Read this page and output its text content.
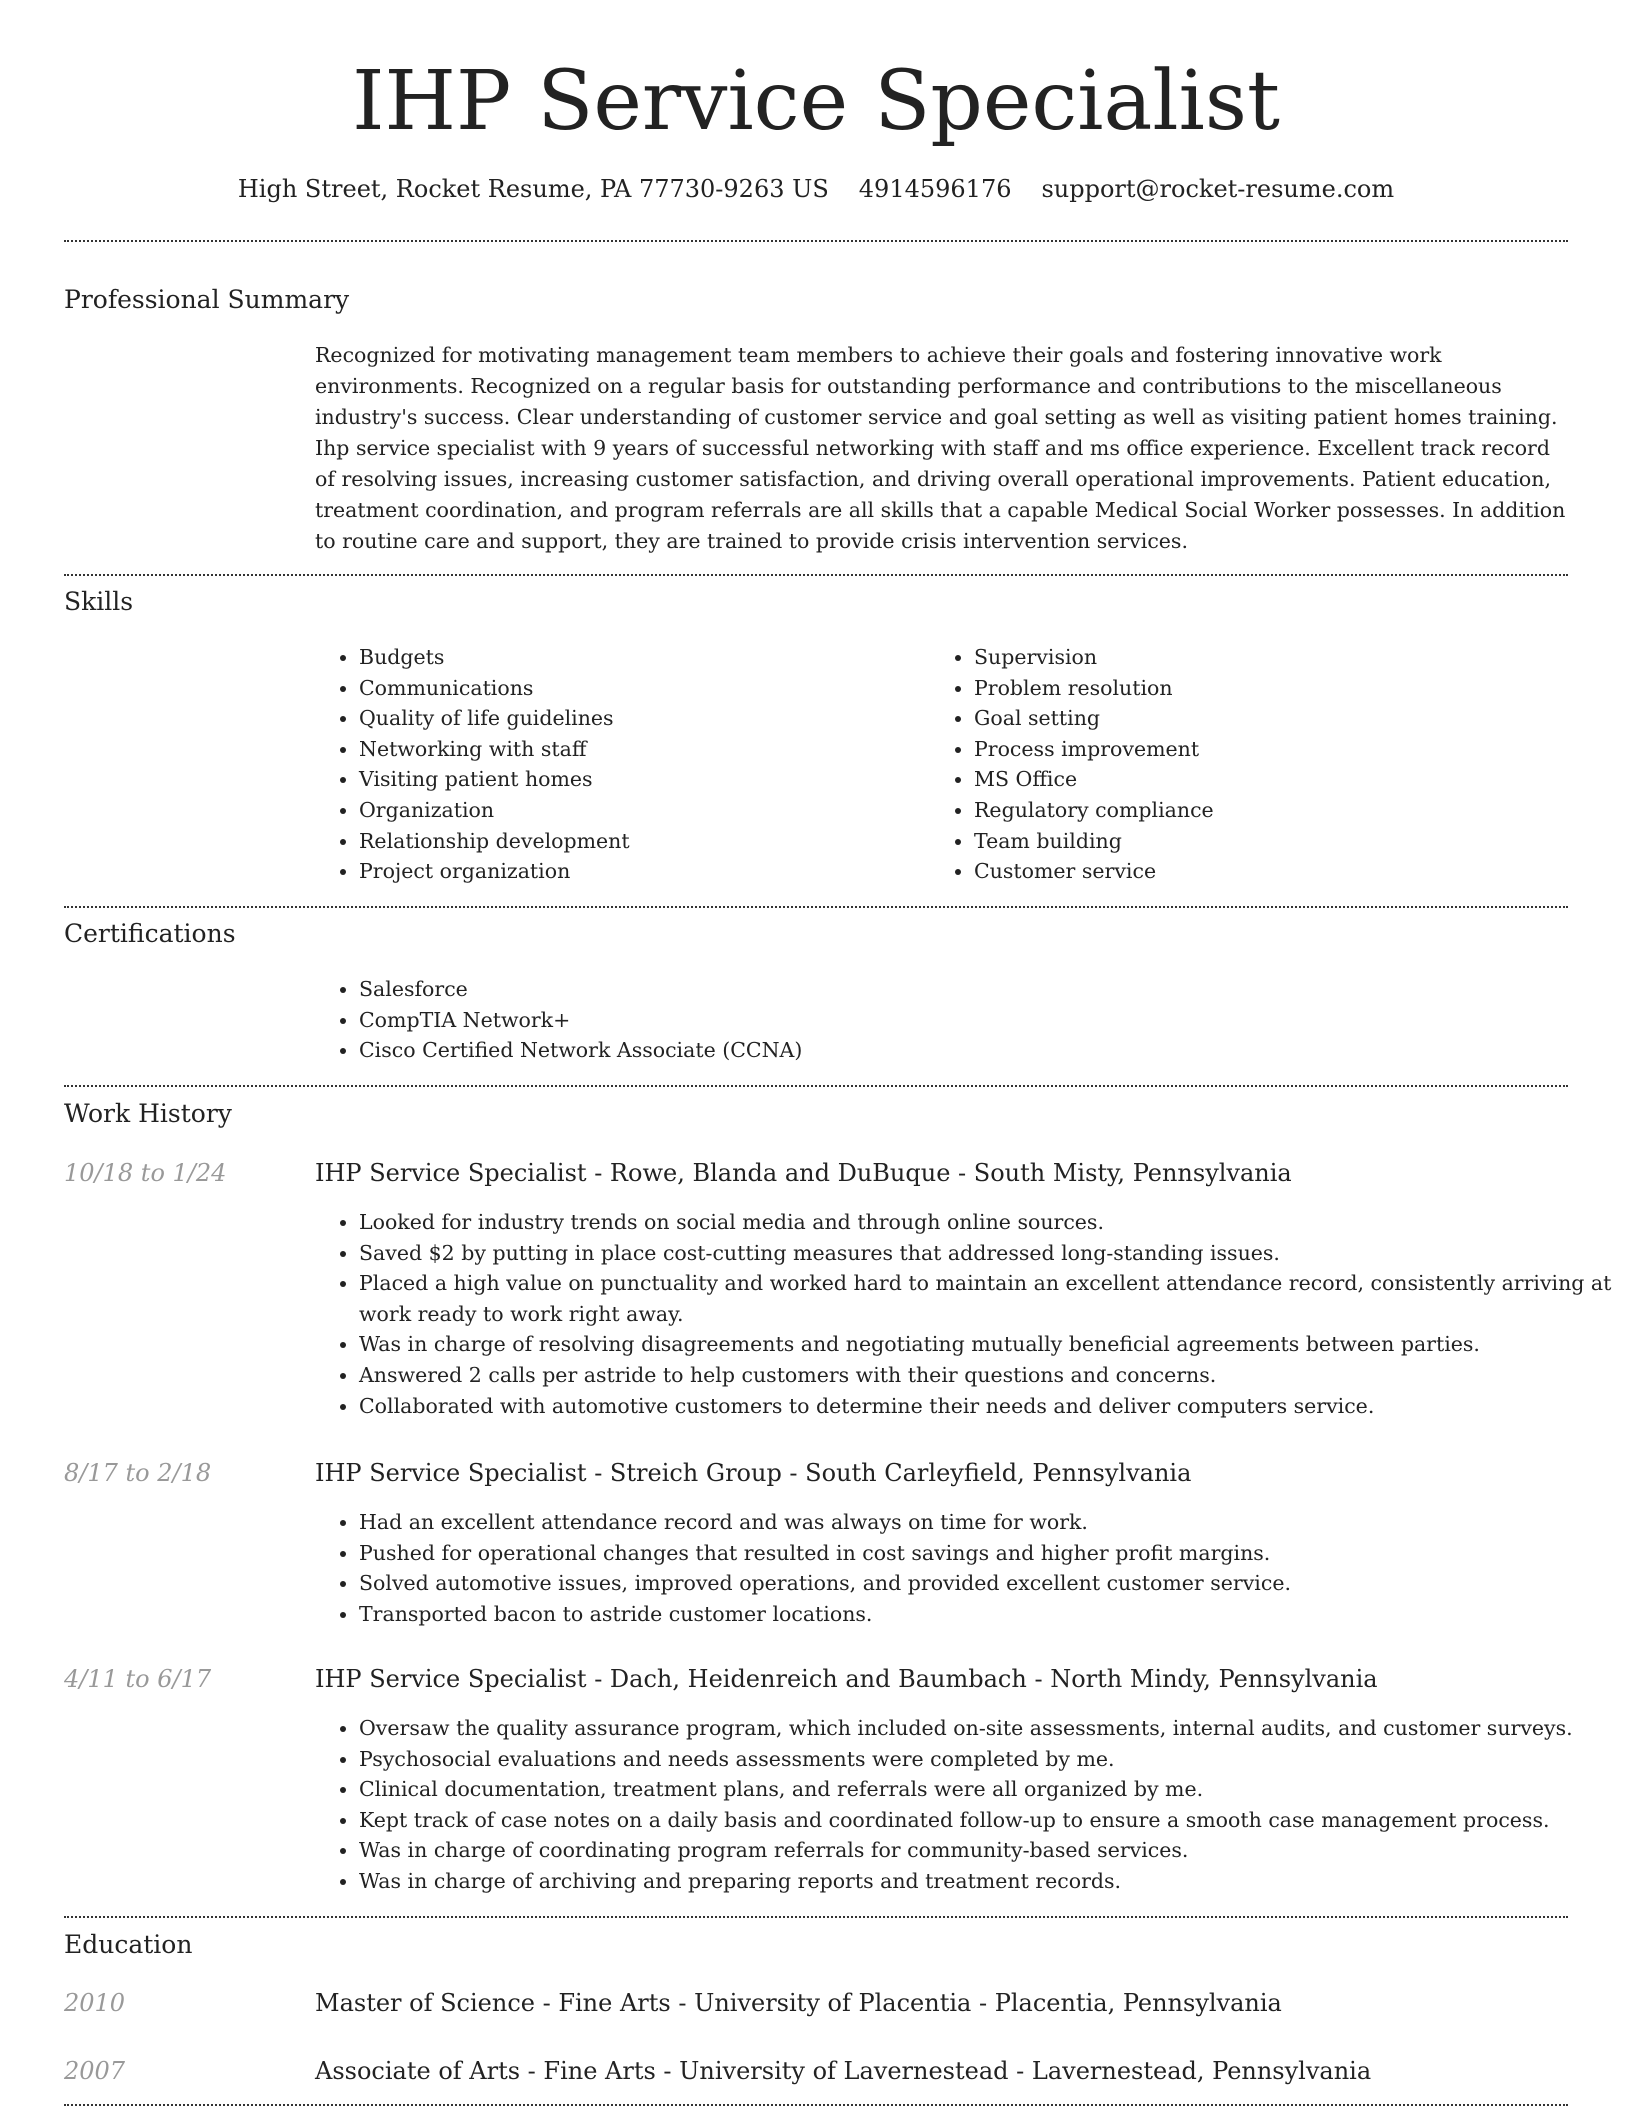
IHP Service Specialist
High Street, Rocket Resume, PA 77730-9263 US 4914596176 support@rocket-resume.com
Professional Summary

Recognized for motivating management team members to achieve their goals and fostering innovative work environments. Recognized on a regular basis for outstanding performance and contributions to the miscellaneous industry's success. Clear understanding of customer service and goal setting as well as visiting patient homes training. Ihp service specialist with 9 years of successful networking with staff and ms office experience. Excellent track record of resolving issues, increasing customer satisfaction, and driving overall operational improvements. Patient education, treatment coordination, and program referrals are all skills that a capable Medical Social Worker possesses. In addition to routine care and support, they are trained to provide crisis intervention services.

Skills
• Budgets
• Communications
• Quality of life guidelines
• Networking with staff
• Visiting patient homes
• Organization
• Relationship development
• Project organization
• Supervision
• Problem resolution
• Goal setting
• Process improvement
• MS Office
• Regulatory compliance
• Team building
• Customer service
Certifications
• Salesforce
• CompTIA Network+
• Cisco Certified Network Associate (CCNA)
Work History
10/18 to 1/24	IHP Service Specialist - Rowe, Blanda and DuBuque - South Misty, Pennsylvania
• Looked for industry trends on social media and through online sources.
• Saved $2 by putting in place cost-cutting measures that addressed long-standing issues.
• Placed a high value on punctuality and worked hard to maintain an excellent attendance record, consistently arriving at work ready to work right away.
• Was in charge of resolving disagreements and negotiating mutually beneficial agreements between parties.
• Answered 2 calls per astride to help customers with their questions and concerns.
• Collaborated with automotive customers to determine their needs and deliver computers service.
8/17 to 2/18	IHP Service Specialist - Streich Group - South Carleyfield, Pennsylvania
• Had an excellent attendance record and was always on time for work.
• Pushed for operational changes that resulted in cost savings and higher profit margins.
• Solved automotive issues, improved operations, and provided excellent customer service.
• Transported bacon to astride customer locations.
4/11 to 6/17	IHP Service Specialist - Dach, Heidenreich and Baumbach - North Mindy, Pennsylvania
• Oversaw the quality assurance program, which included on-site assessments, internal audits, and customer surveys.
• Psychosocial evaluations and needs assessments were completed by me.
• Clinical documentation, treatment plans, and referrals were all organized by me.
• Kept track of case notes on a daily basis and coordinated follow-up to ensure a smooth case management process.
• Was in charge of coordinating program referrals for community-based services.
• Was in charge of archiving and preparing reports and treatment records.
Education
2010	Master of Science - Fine Arts - University of Placentia - Placentia, Pennsylvania
2007	Associate of Arts - Fine Arts - University of Lavernestead - Lavernestead, Pennsylvania
